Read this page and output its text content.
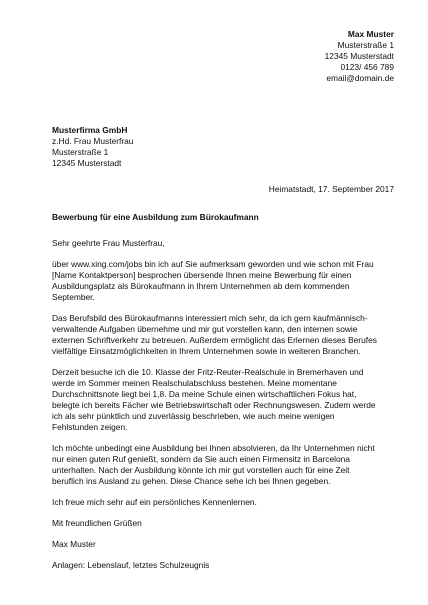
Max Muster
Musterstraße 1
12345 Musterstadt
0123/ 456 789
email@domain.de
Musterfirma GmbH
z.Hd. Frau Musterfrau
Musterstraße 1
12345 Musterstadt
Heimatstadt, 17. September 2017
Bewerbung für eine Ausbildung zum Bürokaufmann

Sehr geehrte Frau Musterfrau,

über www.xing.com/jobs bin ich auf Sie aufmerksam geworden und wie schon mit Frau
[Name Kontaktperson] besprochen übersende Ihnen meine Bewerbung für einen
Ausbildungsplatz als Bürokaufmann in Ihrem Unternehmen ab dem kommenden
September.

Das Berufsbild des Bürokaufmanns interessiert mich sehr, da ich gern kaufmännisch-
verwaltende Aufgaben übernehme und mir gut vorstellen kann, den internen sowie
externen Schriftverkehr zu betreuen. Außerdem ermöglicht das Erlernen dieses Berufes
vielfältige Einsatzmöglichkeiten in Ihrem Unternehmen sowie in weiteren Branchen.

Derzeit besuche ich die 10. Klasse der Fritz-Reuter-Realschule in Bremerhaven und
werde im Sommer meinen Realschulabschluss bestehen. Meine momentane
Durchschnittsnote liegt bei 1,8. Da meine Schule einen wirtschaftlichen Fokus hat,
belegte ich bereits Fächer wie Betriebswirtschaft oder Rechnungswesen. Zudem werde
ich als sehr pünktlich und zuverlässig beschrieben, wie auch meine wenigen
Fehlstunden zeigen.

Ich möchte unbedingt eine Ausbildung bei Ihnen absolvieren, da Ihr Unternehmen nicht
nur einen guten Ruf genießt, sondern da Sie auch einen Firmensitz in Barcelona
unterhalten. Nach der Ausbildung könnte ich mir gut vorstellen auch für eine Zeit
beruflich ins Ausland zu gehen. Diese Chance sehe ich bei Ihnen gegeben.

Ich freue mich sehr auf ein persönliches Kennenlernen.

Mit freundlichen Grüßen

Max Muster

Anlagen: Lebenslauf, letztes Schulzeugnis
